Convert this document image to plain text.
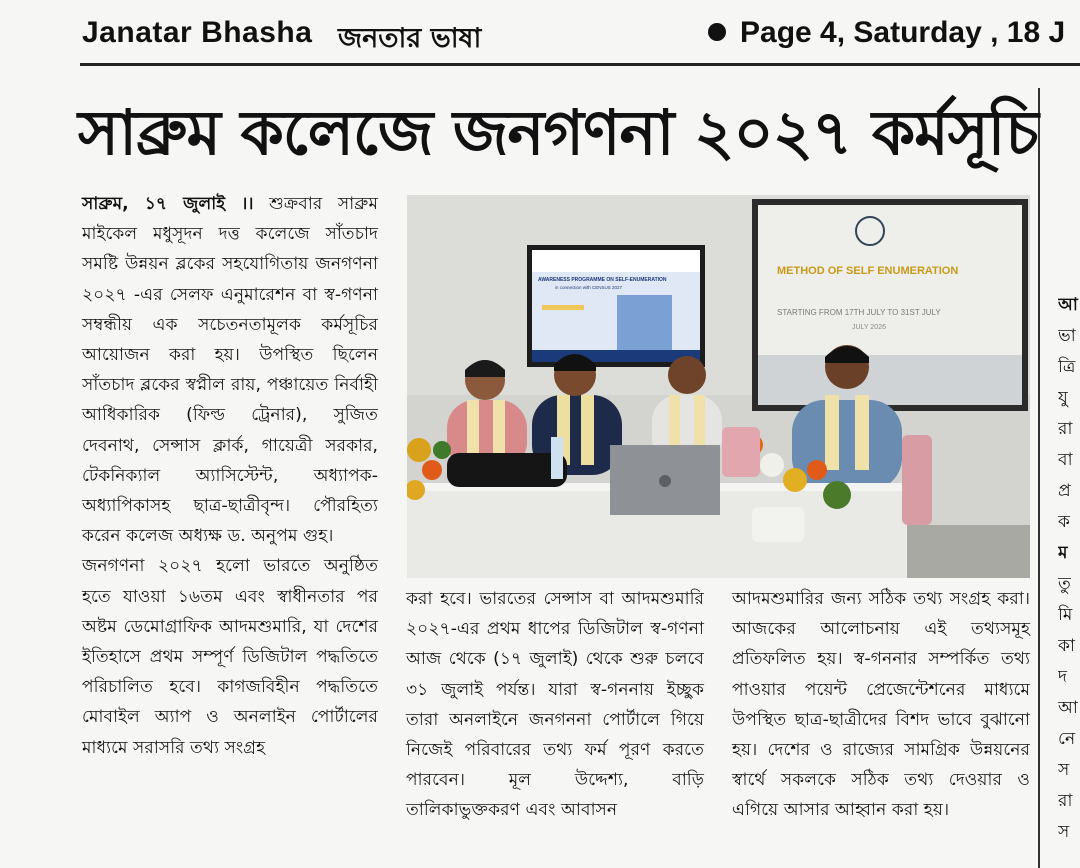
Janatar Bhasha জনতার ভাষা	Page 4, Saturday , 18 J
সাব্রুম কলেজে জনগণনা ২০২৭ কর্মসূচি

সাব্রুম, ১৭ জুলাই ।। শুক্রবার সাব্রুম মাইকেল মধুসূদন দত্ত কলেজে সাঁতচাদ সমষ্টি উন্নয়ন ব্লকের সহযোগিতায় জনগণনা ২০২৭ -এর সেলফ এনুমারেশন বা স্ব-গণনা সম্বন্ধীয় এক সচেতনতামূলক কর্মসূচির আয়োজন করা হয়। উপস্থিত ছিলেন সাঁতচাদ ব্লকের স্বপ্নীল রায়, পঞ্চায়েত নির্বাহী আধিকারিক (ফিল্ড ট্রেনার), সুজিত দেবনাথ, সেন্সাস ক্লার্ক, গায়েত্রী সরকার, টেকনিক্যাল অ্যাসিস্টেন্ট, অধ্যাপক-অধ্যাপিকাসহ ছাত্র-ছাত্রীবৃন্দ। পৌরহিত্য করেন কলেজ অধ্যক্ষ ড. অনুপম গুহ।

জনগণনা ২০২৭ হলো ভারতে অনুষ্ঠিত হতে যাওয়া ১৬তম এবং স্বাধীনতার পর অষ্টম ডেমোগ্রাফিক আদমশুমারি, যা দেশের ইতিহাসে প্রথম সম্পূর্ণ ডিজিটাল পদ্ধতিতে পরিচালিত হবে। কাগজবিহীন পদ্ধতিতে মোবাইল অ্যাপ ও অনলাইন পোর্টালের মাধ্যমে সরাসরি তথ্য সংগ্রহ

METHOD OF SELF ENUMERATION
STARTING FROM 17TH JULY TO 31ST JULY
JULY 2026
AWARENESS PROGRAMME ON SELF-ENUMERATION
in connection with CENSUS 2027

করা হবে। ভারতের সেন্সাস বা আদমশুমারি ২০২৭-এর প্রথম ধাপের ডিজিটাল স্ব-গণনা আজ থেকে (১৭ জুলাই) থেকে শুরু চলবে ৩১ জুলাই পর্যন্ত। যারা স্ব-গননায় ইচ্ছুক তারা অনলাইনে জনগননা পোর্টালে গিয়ে নিজেই পরিবারের তথ্য ফর্ম পূরণ করতে পারবেন। মূল উদ্দেশ্য, বাড়ি তালিকাভুক্তকরণ এবং আবাসন

আদমশুমারির জন্য সঠিক তথ্য সংগ্রহ করা। আজকের আলোচনায় এই তথ্যসমূহ প্রতিফলিত হয়। স্ব-গননার সম্পর্কিত তথ্য পাওয়ার পয়েন্ট প্রেজেন্টেশনের মাধ্যমে উপস্থিত ছাত্র-ছাত্রীদের বিশদ ভাবে বুঝানো হয়। দেশের ও রাজ্যের সামগ্রিক উন্নয়নের স্বার্থে সকলকে সঠিক তথ্য দেওয়ার ও এগিয়ে আসার আহ্বান করা হয়।

আ
ভা
ত্রি
যু
রা
বা
প্র
ক
ম
তু
মি
কা
দ
আ
নে
স
রা
স
